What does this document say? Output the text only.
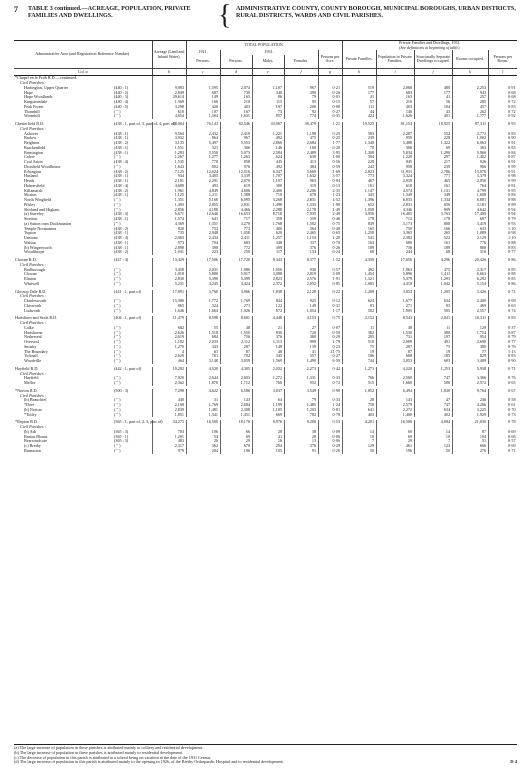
7 TABLE 3 continued.—ACREAGE, POPULATION, PRIVATE FAMILIES AND DWELLINGS.	{ ADMINISTRATIVE COUNTY, COUNTY BOROUGH, MUNICIPAL BOROUGHS, URBAN DISTRICTS, RURAL DISTRICTS, WARDS AND CIVIL PARISHES.
Administrative Area (and Registration Reference Number).		Acreage (Land and Inland Water).	TOTAL POPULATION.					Private Families and Dwellings, 1931.
(See definitions at beginning of table).				
			1921.	1931.			Persons per Acre.	Private Families.	Population in Private Families.	Structurally Separate Dwellings occupied.	Rooms occupied.	Persons per Room.
			Persons.	Persons.	Males.	Females.						
Col. a		b	c	d	e	f	g	h	i	j	k	l
*Chapel en le Frith R.D.—continued.												
Civil Parishes :												
Hartington, Upper Quarter	(440 : 1)	9,983	1,595	2,074	1,107	967	0·21	519	2,068	480	2,253	0·91
Hope	(440 : 2)	2,849	687	730	340	390	0·26	177	683	177	943	0·68
Hope Woodlands	(440 : 3)	20,614	149	165	86	79	0·01	41	163	41	257	0·68
Kingsterndale	(440 : 4)	1,369	166	210	115	95	0·15	57	210	56	285	0·72
Peak Forest	(440 : 5)	3,298	420	403	197	206	0·08	111	403	104	457	0·83
Thornhill	( " )	610	107	167	75	92	0·27	44	146	43	262	0·72
Wormhill	( " )	4,654	1,304	1,631	857	774	0·35	424	1,626	401	1,777	0·92

Chesterfield R.D.	(438 : 1, part of, 3, part of, 4, part of)	68,064	76,143	82,546	43,067	39,479	1·21	19,525	81,154	18,925	87,311	0·93
Civil Parishes :												
Ashover	(438 : 1)	9,564	2,432	2,419	1,221	1,198	0·25	583	2,287	552	2,772	0·83
Barlow	(438 : 1)	3,932	864	967	492	475	0·25	239	959	228	1,002	0·90
Beighton	(438 : 2)	3,135	5,497	5,553	2,866	2,684	1·77	1,348	5,488	1,322	6,063	0·91
Brackenfield	(438 : 1)	1,551	321	306	146	160	0·20	70	306	69	363	0·83
Brimington	(438 : 1)	1,283	5,550	5,073	2,584	2,489	3·95	1,308	5,034	1,290	5,966	0·84
Calow	( " )	1,267	1,277	1,263	624	639	1·00	304	1,220	297	1,402	0·87
Coal Aston	(438 : 4)	1,535	770	858	445	413	0·56	228	845	217	926	0·91
Dronfield Woodhouse	( " )	1,643	802	976	492	484	0·59	243	958	239	966	0·99
Eckington	(438 : 2)	7,125	12,624	12,016	6,347	5,669	1·69	2,823	11,931	2,786	13,076	0·91
Hasland	(438 : 1)	934	3,403	3,339	1,707	1,632	3·57	773	3,324	771	3,379	0·98
Heath	(438 : 1)	2,181	2,291	2,070	1,107	963	0·94	467	2,039	465	2,050	0·99
Holmesfield	(438 : 4)	4,689	493	619	300	319	0·13	161	618	161	764	0·81
Killamarsh	(438 : 2)	1,961	4,849	4,606	2,400	2,206	2·35	1,147	4,574	1,131	4,799	0·95
Morton	(438 : 1)	1,125	1,211	1,388	710	678	1·23	343	1,349	349	1,608	0·84
North Wingfield	( " )	1,351	5,168	6,095	3,268	2,831	4·52	1,396	6,033	1,334	6,881	0·88
Pilsley	( " )	1,493	2,855	2,831	1,498	1,333	1·90	652	2,831	650	3,181	0·89
Shirland and Higham	( " )	2,856	4,188	4,466	2,288	2,178	1·49	1,058	4,346	909	4,642	0·94
(a) Staveley	(438 : 3)	6,671	12,646	16,653	8,718	7,935	2·49	3,956	16,405	3,763	17,400	0·94
Stretton	(438 : 1)	1,574	641	717	358	359	0·46	178	712	178	697	0·79
(a) Sutton cum Duckmanton	( " )	4,369	1,351	3,270	1,768	1,502	0·75	839	3,173	800	3,419	0·93
Temple Normanton	(438 : 2)	820	753	773	400	364	0·48	165	750	166	633	1·10
Tupton	(438 : 1)	735	2,948	1,058	620	2,465	0·65	1,258	3,365	265	1,089	0·98
Unstone	(438 : 4)	2,063	2,434	2,411	1,257	1,154	1·20	541	2,382	522	2,129	1·10
Walton	(438 : 1)	973	704	683	346	337	0·70	163	680	161	776	0·88
(b) Wingerworth	(438 : 1)	2,898	390	772	399	376	0·26	189	736	189	880	0·83
Woodthorpe	(438 : 2)	1,031	223	250	117	133	0·24	68	244	68	310	0·77

Clowne R.D.	(427 : 4)	13,429	17,506	17,720	9,343	8,377	1·32	4,350	17,656	4,296	20,426	0·86
Civil Parishes :												
Barlborough	( " )	3,458	2,031	1,980	1,050	930	0·57	492	1,963	475	2,317	0·85
Clowne	( " )	1,918	5,880	5,917	3,098	2,819	3·09	1,454	5,896	1,411	6,663	0·88
Elmton	( " )	2,830	5,390	5,399	2,823	2,576	1·91	1,321	5,379	1,293	6,292	0·85
Whitwell	( " )	5,231	4,245	4,424	2,372	2,052	0·85	1,083	4,418	1,042	5,154	0·86

Glossop Dale R.D.	(441 : 1, part of)	17,891	3,760	3,966	1,838	2,128	0·22	1,209	3,853	1,205	5,426	0·71
Civil Parishes :												
Charlesworth	( " )	15,380	1,772	1,769	844	925	0·12	624	1,677	634	2,400	0·69
Chisworth	( " )	865	324	271	122	149	0·31	93	271	93	469	0·63
Ludworth	( " )	1,646	1,664	1,926	872	1,054	1·17	502	1,905	505	2,557	0·74

Hartshorn and Seals R.D.	(404 : 1, part of)	11,479	8,598	8,601	4,448	4,153	0·75	2,152	8,543	2,041	10,311	0·83
Civil Parishes :												
Calke	( " )	682	55	48	21	27	0·07	11	48	11	129	0·37
Hartshorne	( " )	2,626	1,518	1,550	830	720	0·59	382	1,530	380	1,754	0·87
Netherseal	( " )	2,619	684	756	376	380	0·29	205	731	197	954	0·79
Overseal	( " )	1,182	2,033	2,112	1,113	999	1·79	510	2,089	491	2,690	0·77
Smisby	( " )	1,270	343	287	148	139	0·23	75	287	75	380	0·76
The Boundary	( " )	4	61	87	46	41	21·75	19	87	19	77	1·13
Ticknall	( " )	2,629	761	702	345	357	0·27	186	688	185	829	0·83
Woodville	( " )	464	3,148	3,059	1,569	1,490	6·59	744	3,053	683	3,409	0·90

Hayfield R.D.	(442 : 1, part of)	10,282	4,520	4,305	2,032	2,273	0·42	1,271	4,220	1,253	5,938	0·71
Civil Parishes :												
Hayfield	( " )	7,920	2,644	2,603	1,272	1,331	0·33	766	2,560	747	3,366	0·76
Mellor	( " )	2,362	1,876	1,712	760	952	0·72	515	1,660	506	2,572	0·65

*Norton R.D.	(500 : 3)	7,298	4,622	6,586	3,037	3,549	0·90	1,852	6,494	1,830	9,764	0·67
Civil Parishes :												
(b) Beauchief	( " )	440	31	143	64	79	0·33	28	143	47	246	0·58
*Dore	( " )	2,168	1,769	2,684	1,199	1,485	1·24	758	2,579	747	4,266	0·61
(b) Norton	( " )	2,839	1,481	2,308	1,105	1,203	0·81	641	2,272	634	3,225	0·70
*Totley	( " )	1,851	1,341	1,451	669	782	0·78	403	1,400	402	1,929	0·73

*Repton R.D.	(365 : 1, part of, 2, 3, part of)	34,275	16,500	18,176	8,976	9,200	0·53	4,201	16,506	4,084	21,030	0·78
Civil Parishes :												
(b) Ash	(365 : 3)	703	106	66	28	38	0·09	14	60	14	87	0·69
Barton Blount	(365 : 1)	1,201	54	69	41	28	0·06	10	69	10	104	0·66
Bearwardcote	(365 : 3)	483	26	29	16	13	0·06	7	29	7	51	0·57
(c) Bretby	( " )	2,317	362	670	294	376	0·29	129	461	123	666	0·69
Burnaston	( " )	979	204	196	105	91	0·20	50	196	50	276	0·71
(a) The large increase of population in these parishes is attributed mainly to colliery and residential development.
(b) The large increase of population in these parishes is attributed mainly to residential development.
(c) The decrease of population in this parish is attributed to a school being on vacation at the date of the 1931 Census.
(d) The large increase of population in this parish is attributed mainly to the opening in 1926, of the Bretby Orthopaedic Hospital and to residential development.	D 4
